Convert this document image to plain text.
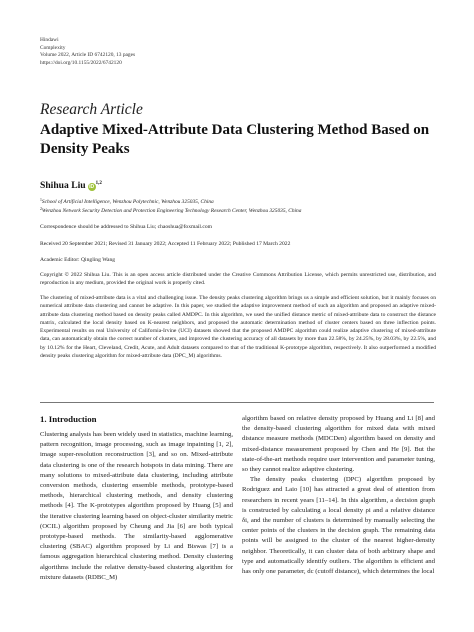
Hindawi
Complexity
Volume 2022, Article ID 6742120, 13 pages
https://doi.org/10.1155/2022/6742120
Research Article
Adaptive Mixed-Attribute Data Clustering Method Based on Density Peaks
Shihua Liu iD$^{1,2}$
$^1$School of Artificial Intelligence, Wenzhou Polytechnic, Wenzhou 325035, China
$^2$Wenzhou Network Security Detection and Protection Engineering Technology Research Center, Wenzhou 325035, China
Correspondence should be addressed to Shihua Liu; chaoshua@foxmail.com
Received 20 September 2021; Revised 31 January 2022; Accepted 11 February 2022; Published 17 March 2022
Academic Editor: Qingling Wang
Copyright © 2022 Shihua Liu. This is an open access article distributed under the Creative Commons Attribution License, which permits unrestricted use, distribution, and reproduction in any medium, provided the original work is properly cited.
The clustering of mixed-attribute data is a vital and challenging issue. The density peaks clustering algorithm brings us a simple and efficient solution, but it mainly focuses on numerical attribute data clustering and cannot be adaptive. In this paper, we studied the adaptive improvement method of such an algorithm and proposed an adaptive mixed-attribute data clustering method based on density peaks called AMDPC. In this algorithm, we used the unified distance metric of mixed-attribute data to construct the distance matrix, calculated the local density based on K-nearest neighbors, and proposed the automatic determination method of cluster centers based on three inflection points. Experimental results on real University of California-Irvine (UCI) datasets showed that the proposed AMDPC algorithm could realize adaptive clustering of mixed-attribute data, can automatically obtain the correct number of clusters, and improved the clustering accuracy of all datasets by more than 22.58%, by 24.25%, by 28.03%, by 22.5%, and by 10.12% for the Heart, Cleveland, Credit, Acute, and Adult datasets compared to that of the traditional K-prototype algorithm, respectively. It also outperformed a modified density peaks clustering algorithm for mixed-attribute data (DPC_M) algorithms.
1. Introduction

Clustering analysis has been widely used in statistics, machine learning, pattern recognition, image processing, such as image inpainting [1, 2], image super-resolution reconstruction [3], and so on. Mixed-attribute data clustering is one of the research hotspots in data mining. There are many solutions to mixed-attribute data clustering, including attribute conversion methods, clustering ensemble methods, prototype-based methods, hierarchical clustering methods, and density clustering methods [4]. The K-prototypes algorithm proposed by Huang [5] and the iterative clustering learning based on object-cluster similarity metric (OCIL) algorithm proposed by Cheung and Jia [6] are both typical prototype-based methods. The similarity-based agglomerative clustering (SBAC) algorithm proposed by Li and Biswas [7] is a famous aggregation hierarchical clustering method. Density clustering algorithms include the relative density-based clustering algorithm for mixture datasets (RDBC_M)

algorithm based on relative density proposed by Huang and Li [8] and the density-based clustering algorithm for mixed data with mixed distance measure methods (MDCDen) algorithm based on density and mixed-distance measurement proposed by Chen and He [9]. But the state-of-the-art methods require user intervention and parameter tuning, so they cannot realize adaptive clustering.

The density peaks clustering (DPC) algorithm proposed by Rodriguez and Laio [10] has attracted a great deal of attention from researchers in recent years [11–14]. In this algorithm, a decision graph is constructed by calculating a local density ρi and a relative distance δi, and the number of clusters is determined by manually selecting the center points of the clusters in the decision graph. The remaining data points will be assigned to the cluster of the nearest higher-density neighbor. Theoretically, it can cluster data of both arbitrary shape and type and automatically identify outliers. The algorithm is efficient and has only one parameter, dc (cutoff distance), which determines the local
